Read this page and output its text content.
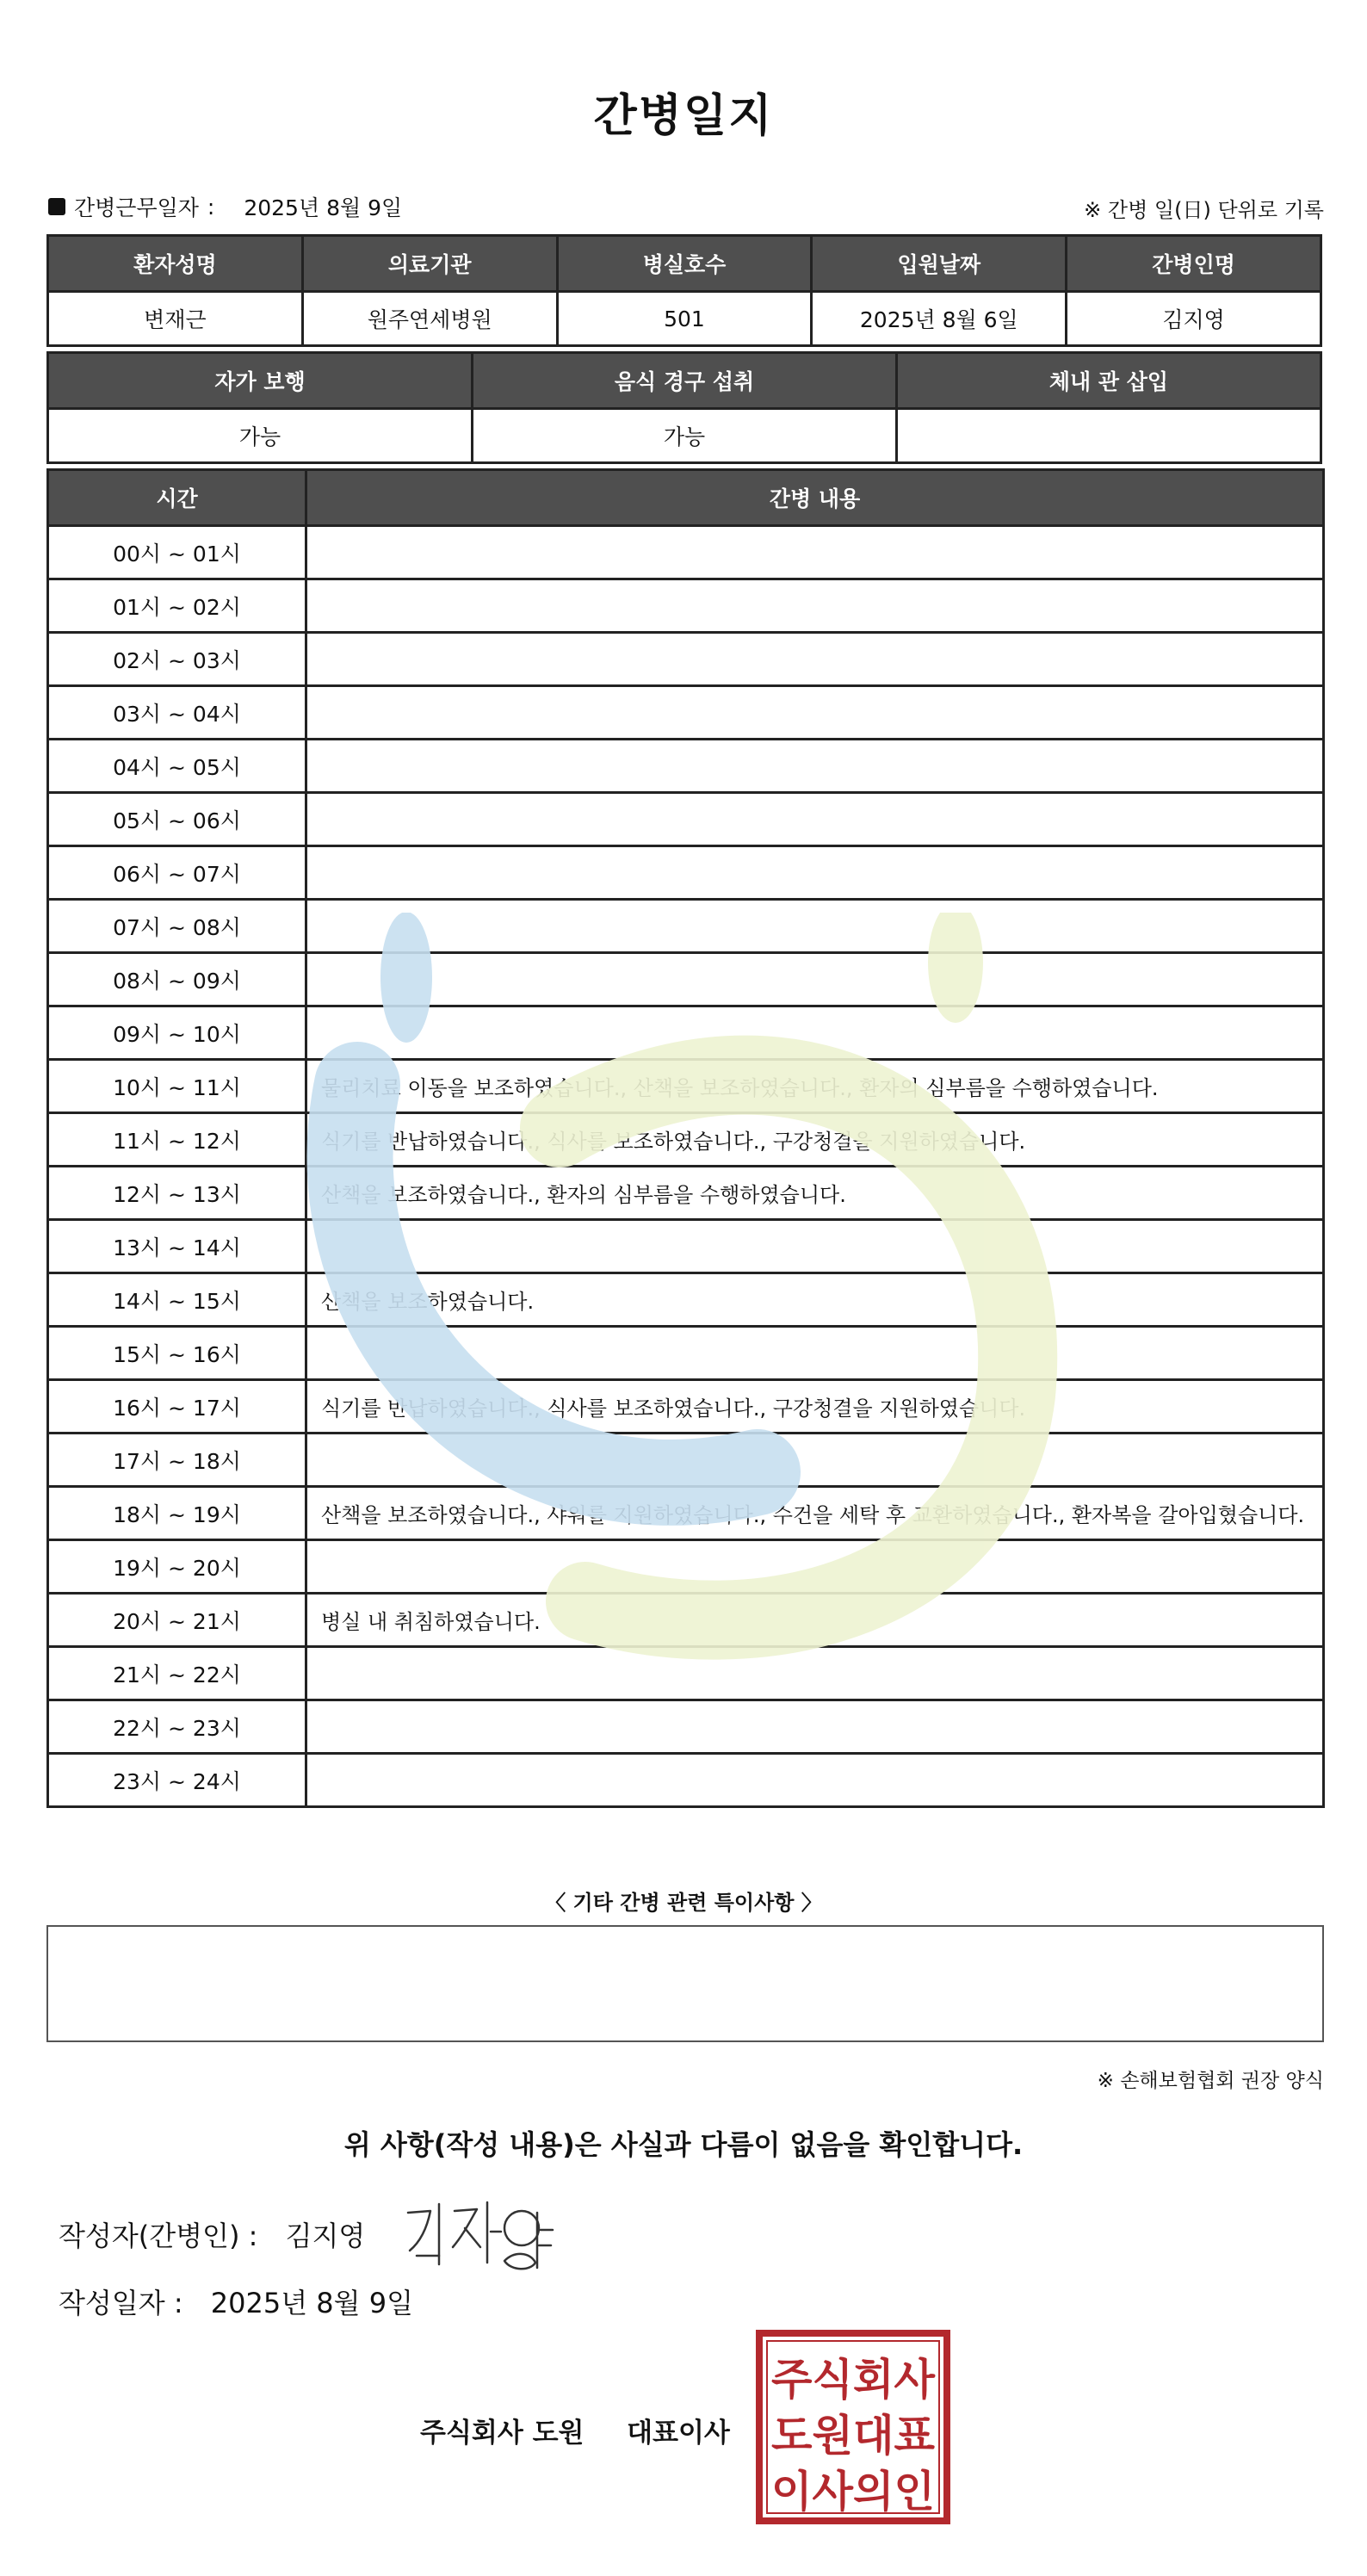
간병일지
간병근무일자 : 2025년 8월 9일	※ 간병 일(日) 단위로 기록
환자성명	의료기관	병실호수	입원날짜	간병인명
변재근	원주연세병원	501	2025년 8월 6일	김지영
자가 보행	음식 경구 섭취	체내 관 삽입
가능	가능	
시간	간병 내용
00시 ~ 01시	
01시 ~ 02시	
02시 ~ 03시	
03시 ~ 04시	
04시 ~ 05시	
05시 ~ 06시	
06시 ~ 07시	
07시 ~ 08시	
08시 ~ 09시	
09시 ~ 10시	
10시 ~ 11시	물리치료 이동을 보조하였습니다., 산책을 보조하였습니다., 환자의 심부름을 수행하였습니다.
11시 ~ 12시	식기를 반납하였습니다., 식사를 보조하였습니다., 구강청결을 지원하였습니다.
12시 ~ 13시	산책을 보조하였습니다., 환자의 심부름을 수행하였습니다.
13시 ~ 14시	
14시 ~ 15시	산책을 보조하였습니다.
15시 ~ 16시	
16시 ~ 17시	식기를 반납하였습니다., 식사를 보조하였습니다., 구강청결을 지원하였습니다.
17시 ~ 18시	
18시 ~ 19시	산책을 보조하였습니다., 샤워를 지원하였습니다., 수건을 세탁 후 교환하였습니다., 환자복을 갈아입혔습니다.
19시 ~ 20시	
20시 ~ 21시	병실 내 취침하였습니다.
21시 ~ 22시	
22시 ~ 23시	
23시 ~ 24시	
〈 기타 간병 관련 특이사항 〉
※ 손해보험협회 권장 양식
위 사항(작성 내용)은 사실과 다름이 없음을 확인합니다.
작성자(간병인) : 김지영
작성일자 : 2025년 8월 9일
주식회사 도원 대표이사
주식회사
도원대표
이사의인
